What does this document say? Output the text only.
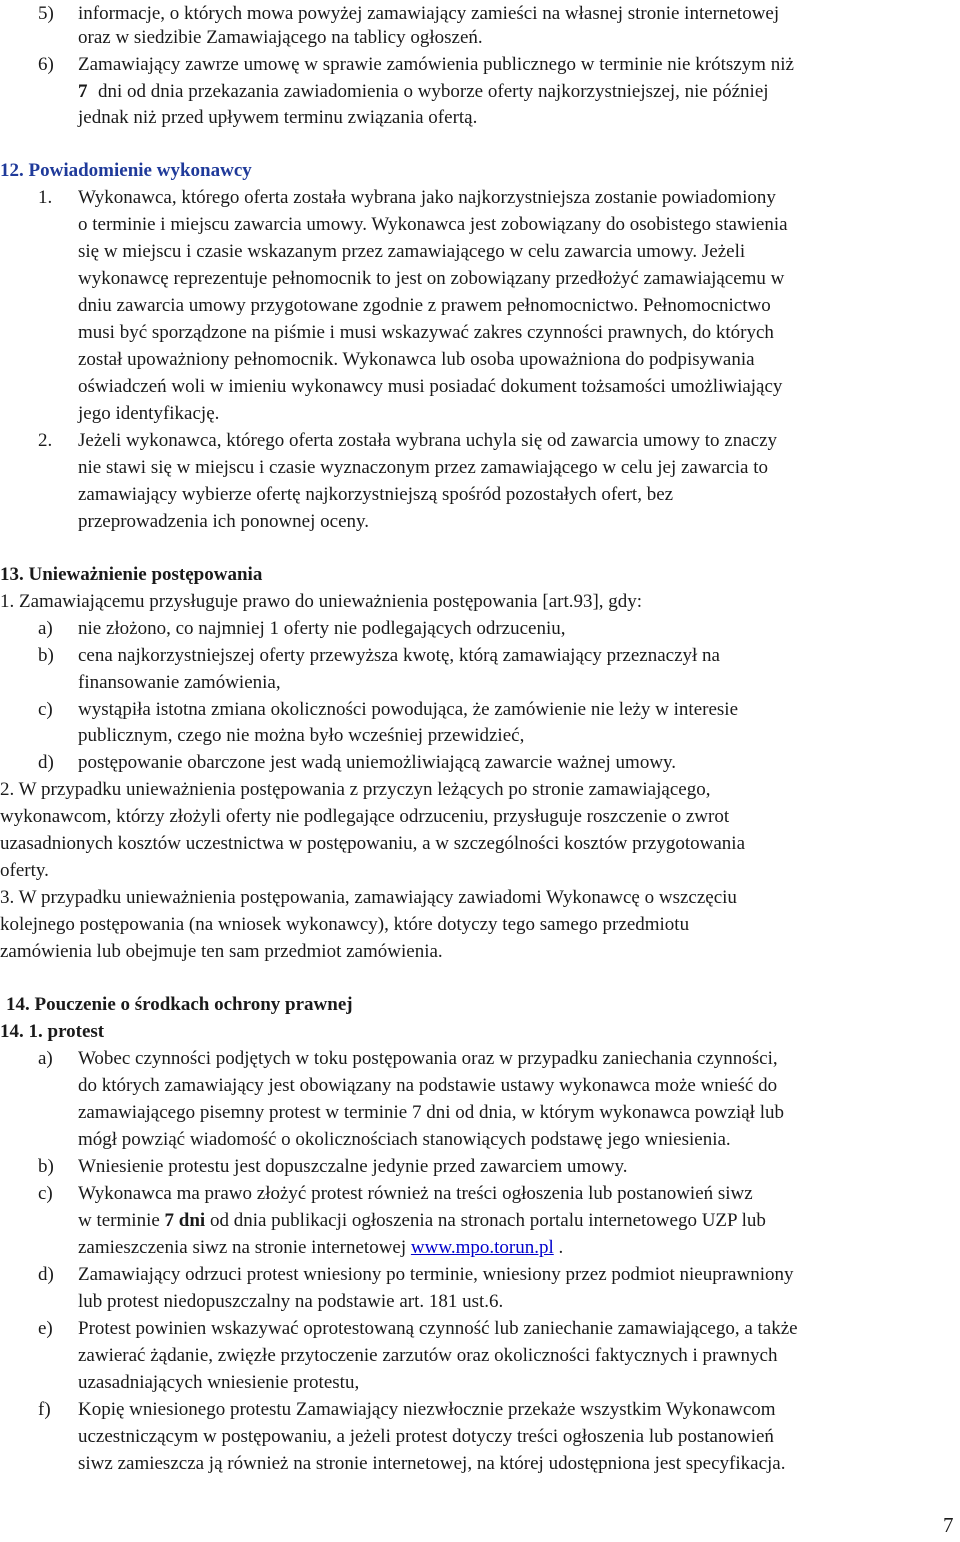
5) informacje, o których mowa powyżej zamawiający zamieści na własnej stronie internetowej
oraz w siedzibie Zamawiającego na tablicy ogłoszeń.
6) Zamawiający zawrze umowę w sprawie zamówienia publicznego w terminie nie krótszym niż
7 dni od dnia przekazania zawiadomienia o wyborze oferty najkorzystniejszej, nie później
jednak niż przed upływem terminu związania ofertą.
12. Powiadomienie wykonawcy
1. Wykonawca, którego oferta została wybrana jako najkorzystniejsza zostanie powiadomiony
o terminie i miejscu zawarcia umowy. Wykonawca jest zobowiązany do osobistego stawienia
się w miejscu i czasie wskazanym przez zamawiającego w celu zawarcia umowy. Jeżeli
wykonawcę reprezentuje pełnomocnik to jest on zobowiązany przedłożyć zamawiającemu w
dniu zawarcia umowy przygotowane zgodnie z prawem pełnomocnictwo. Pełnomocnictwo
musi być sporządzone na piśmie i musi wskazywać zakres czynności prawnych, do których
został upoważniony pełnomocnik. Wykonawca lub osoba upoważniona do podpisywania
oświadczeń woli w imieniu wykonawcy musi posiadać dokument tożsamości umożliwiający
jego identyfikację.
2. Jeżeli wykonawca, którego oferta została wybrana uchyla się od zawarcia umowy to znaczy
nie stawi się w miejscu i czasie wyznaczonym przez zamawiającego w celu jej zawarcia to
zamawiający wybierze ofertę najkorzystniejszą spośród pozostałych ofert, bez
przeprowadzenia ich ponownej oceny.
13. Unieważnienie postępowania
1. Zamawiającemu przysługuje prawo do unieważnienia postępowania [art.93], gdy:
a) nie złożono, co najmniej 1 oferty nie podlegających odrzuceniu,
b) cena najkorzystniejszej oferty przewyższa kwotę, którą zamawiający przeznaczył na
finansowanie zamówienia,
c) wystąpiła istotna zmiana okoliczności powodująca, że zamówienie nie leży w interesie
publicznym, czego nie można było wcześniej przewidzieć,
d) postępowanie obarczone jest wadą uniemożliwiającą zawarcie ważnej umowy.
2. W przypadku unieważnienia postępowania z przyczyn leżących po stronie zamawiającego,
wykonawcom, którzy złożyli oferty nie podlegające odrzuceniu, przysługuje roszczenie o zwrot
uzasadnionych kosztów uczestnictwa w postępowaniu, a w szczególności kosztów przygotowania
oferty.
3. W przypadku unieważnienia postępowania, zamawiający zawiadomi Wykonawcę o wszczęciu
kolejnego postępowania (na wniosek wykonawcy), które dotyczy tego samego przedmiotu
zamówienia lub obejmuje ten sam przedmiot zamówienia.
14. Pouczenie o środkach ochrony prawnej
14. 1. protest
a) Wobec czynności podjętych w toku postępowania oraz w przypadku zaniechania czynności,
do których zamawiający jest obowiązany na podstawie ustawy wykonawca może wnieść do
zamawiającego pisemny protest w terminie 7 dni od dnia, w którym wykonawca powziął lub
mógł powziąć wiadomość o okolicznościach stanowiących podstawę jego wniesienia.
b) Wniesienie protestu jest dopuszczalne jedynie przed zawarciem umowy.
c) Wykonawca ma prawo złożyć protest również na treści ogłoszenia lub postanowień siwz
w terminie 7 dni od dnia publikacji ogłoszenia na stronach portalu internetowego UZP lub
zamieszczenia siwz na stronie internetowej www.mpo.torun.pl .
d) Zamawiający odrzuci protest wniesiony po terminie, wniesiony przez podmiot nieuprawniony
lub protest niedopuszczalny na podstawie art. 181 ust.6.
e) Protest powinien wskazywać oprotestowaną czynność lub zaniechanie zamawiającego, a także
zawierać żądanie, zwięzłe przytoczenie zarzutów oraz okoliczności faktycznych i prawnych
uzasadniających wniesienie protestu,
f) Kopię wniesionego protestu Zamawiający niezwłocznie przekaże wszystkim Wykonawcom
uczestniczącym w postępowaniu, a jeżeli protest dotyczy treści ogłoszenia lub postanowień
siwz zamieszcza ją również na stronie internetowej, na której udostępniona jest specyfikacja.
7
